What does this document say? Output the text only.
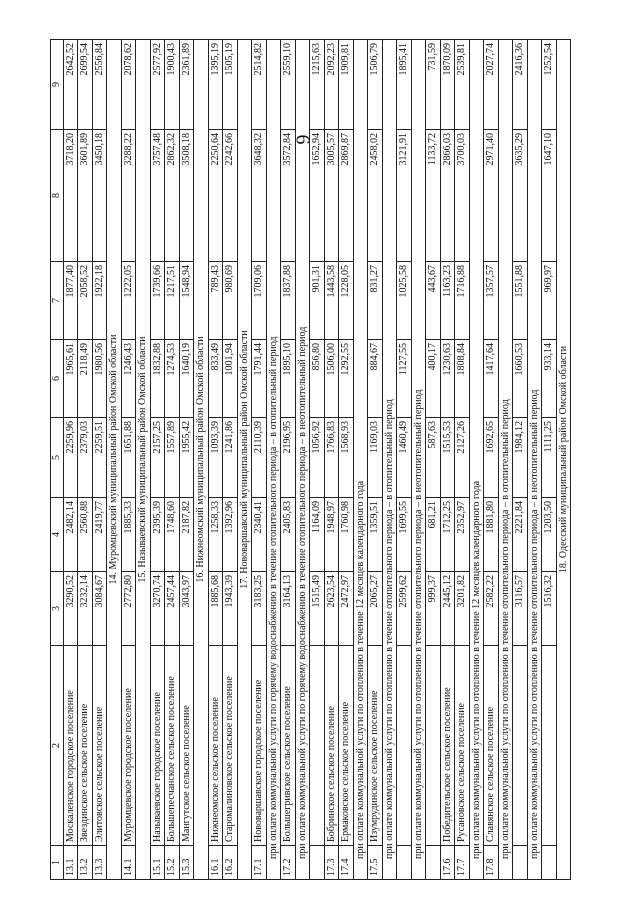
6
1	2	3	4	5	6	7	8	9
13.1	Москаленское городское поселение	3290,52	2482,14	2259,96	1965,61	1877,40	3718,20	2642,52
13.2	Звездинское сельское поселение	3232,14	2560,88	2379,03	2118,49	2058,52	3601,89	2699,54
13.3	Элитовское сельское поселение	3084,67	2419,77	2259,51	1980,56	1922,18	3450,18	2556,84
14. Муромцевский муниципальный район Омской области								
14.1	Муромцевское городское поселение	2772,80	1885,33	1651,88	1246,43	1222,05	3288,22	2078,62
15. Называевский муниципальный район Омской области								
15.1	Называевское городское поселение	3270,74	2395,39	2157,25	1832,88	1739,66	3757,48	2577,92
15.2	Большепесчанское сельское поселение	2457,44	1748,60	1557,89	1274,53	1217,51	2862,32	1900,43
15.3	Мангутское сельское поселение	3043,97	2187,82	1955,42	1640,19	1548,94	3508,18	2361,89
16. Нижнеомский муниципальный район Омской области								
16.1	Нижнеомское сельское поселение	1885,68	1258,33	1093,39	833,49	789,43	2250,64	1395,19
16.2	Старомалиновское сельское поселение	1943,39	1392,96	1241,86	1001,94	980,69	2242,66	1505,19
17. Нововаршавский муниципальный район Омской области								
17.1	Нововаршавское городское поселение	3183,25	2340,41	2110,39	1791,44	1709,06	3648,32	2514,82
при оплате коммунальной услуги по горячему водоснабжению в течение отопительного периода – в отопительный период								
17.2	Большегривское сельское поселение	3164,13	2405,83	2196,95	1895,10	1837,88	3572,84	2559,10
при оплате коммунальной услуги по горячему водоснабжению в течение отопительного периода – в неотопительный период								
		1515,49	1164,09	1056,92	856,80	901,31	1652,94	1215,63
17.3	Бобринское сельское поселение	2623,54	1948,97	1766,83	1506,00	1443,58	3005,57	2092,23
17.4	Ермаковское сельское поселение	2472,97	1760,98	1568,93	1292,55	1228,05	2869,87	1909,81
при оплате коммунальной услуги по отоплению в течение 12 месяцев календарного года								
17.5	Изумрудинское сельское поселение	2065,27	1359,51	1169,03	884,67	831,27	2458,02	1506,79
при оплате коммунальной услуги по отоплению в течение отопительного периода – в отопительный период								
		2599,62	1699,55	1460,49	1127,55	1025,58	3121,91	1895,41
при оплате коммунальной услуги по отоплению в течение отопительного периода – в неотопительный период								
		999,37	681,21	587,63	400,17	443,67	1133,72	731,59
17.6	Победительское сельское поселение	2445,12	1712,25	1515,53	1230,63	1163,23	2866,03	1870,09
17.7	Русановское сельское поселение	3201,82	2352,97	2127,26	1808,84	1716,88	3700,03	2539,81
при оплате коммунальной услуги по отоплению в течение 12 месяцев календарного года								
17.8	Славянское сельское поселение	2582,22	1881,80	1692,65	1417,64	1357,57	2971,40	2027,74
при оплате коммунальной услуги по отоплению в течение отопительного периода – в отопительный период								
		3116,57	2221,84	1984,12	1660,53	1551,88	3635,29	2416,36
при оплате коммунальной услуги по отоплению в течение отопительного периода – в неотопительный период								
		1516,32	1203,50	1111,25	933,14	969,97	1647,10	1252,54
18. Одесский муниципальный район Омской области								
